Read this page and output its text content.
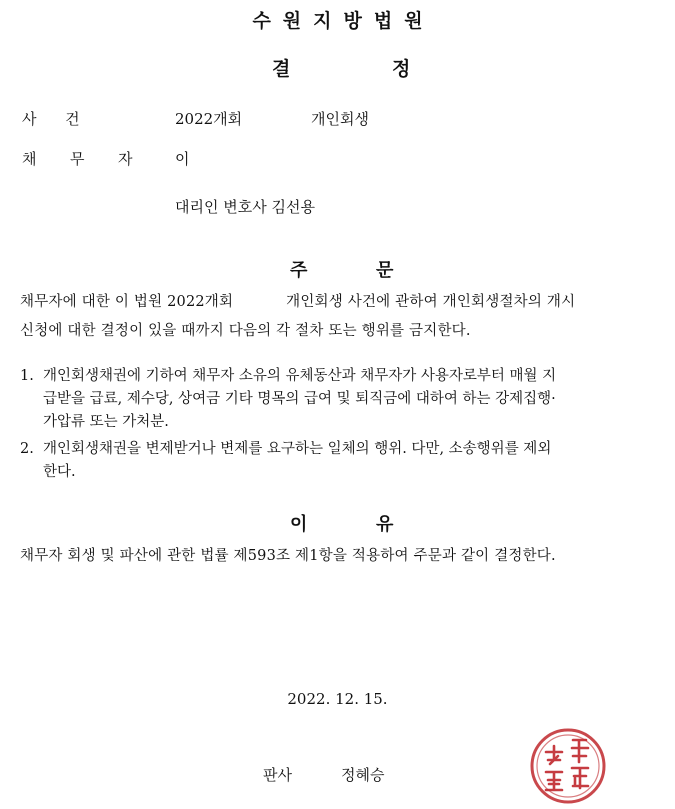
수원지방법원
결	정
사      건	2022개회	개인회생
채  무  자 이
대리인 변호사 김선용
주	문
채무자에 대한 이 법원 2022개회           개인회생 사건에 관하여 개인회생절차의 개시
신청에 대한 결정이 있을 때까지 다음의 각 절차 또는 행위를 금지한다.
1. 개인회생채권에 기하여 채무자 소유의 유체동산과 채무자가 사용자로부터 매월 지
급받을 급료, 제수당, 상여금 기타 명목의 급여 및 퇴직금에 대하여 하는 강제집행·
가압류 또는 가처분.
2. 개인회생채권을 변제받거나 변제를 요구하는 일체의 행위. 다만, 소송행위를 제외
한다.
이	유
채무자 회생 및 파산에 관한 법률 제593조 제1항을 적용하여 주문과 같이 결정한다.
2022. 12. 15.
판사	정혜승
